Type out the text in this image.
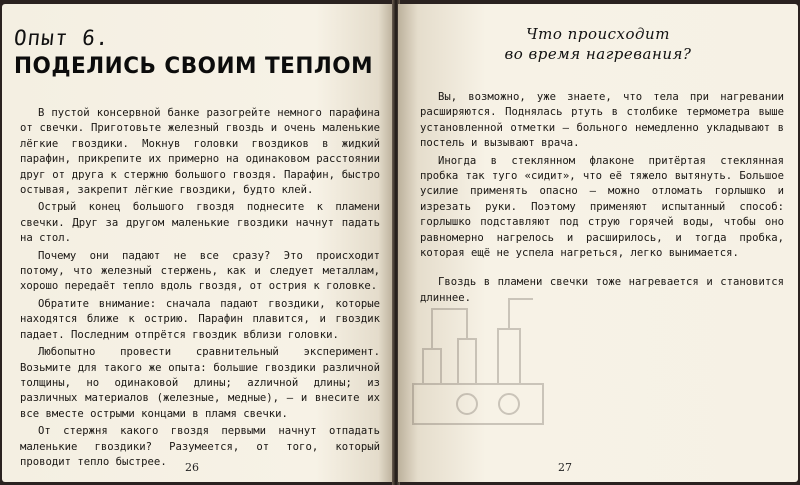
Опыт 6.
ПОДЕЛИСЬ СВОИМ ТЕПЛОМ

В пустой консервной банке разогрейте немного парафина от свечки. Приготовьте железный гвоздь и очень маленькие лёгкие гвоздики. Мокнув головки гвоздиков в жидкий парафин, прикрепите их примерно на одинаковом расстоянии друг от друга к стержню большого гвоздя. Парафин, быстро остывая, закрепит лёгкие гвоздики, будто клей.

Острый конец большого гвоздя поднесите к пламени свечки. Друг за другом маленькие гвоздики начнут падать на стол.

Почему они падают не все сразу? Это происходит потому, что железный стержень, как и следует металлам, хорошо передаёт тепло вдоль гвоздя, от острия к головке.

Обратите внимание: сначала падают гвоздики, которые находятся ближе к острию. Парафин плавится, и гвоздик падает. Последним отпрётся гвоздик вблизи головки.

Любопытно провести сравнительный эксперимент. Возьмите для такого же опыта: большие гвоздики различной толщины, но одинаковой длины; azличной длины; из различных материалов (железные, медные), — и внесите их все вместе острыми концами в пламя свечки.

От стержня какого гвоздя первыми начнут отпадать маленькие гвоздики? Разумеется, от того, который проводит тепло быстрее.	26
Что происходит
во время нагревания?

Вы, возможно, уже знаете, что тела при нагревании расширяются. Поднялась ртуть в столбике термометра выше установленной отметки — больного немедленно укладывают в постель и вызывают врача.

Иногда в стеклянном флаконе притёртая стеклянная пробка так туго «сидит», что её тяжело вытянуть. Большое усилие применять опасно — можно отломать горлышко и изрезать руки. Поэтому применяют испытанный способ: горлышко подставляют под струю горячей воды, чтобы оно равномерно нагрелось и расширилось, и тогда пробка, которая ещё не успела нагреться, легко вынимается.

Гвоздь в пламени свечки тоже нагревается и становится длиннее.

27
